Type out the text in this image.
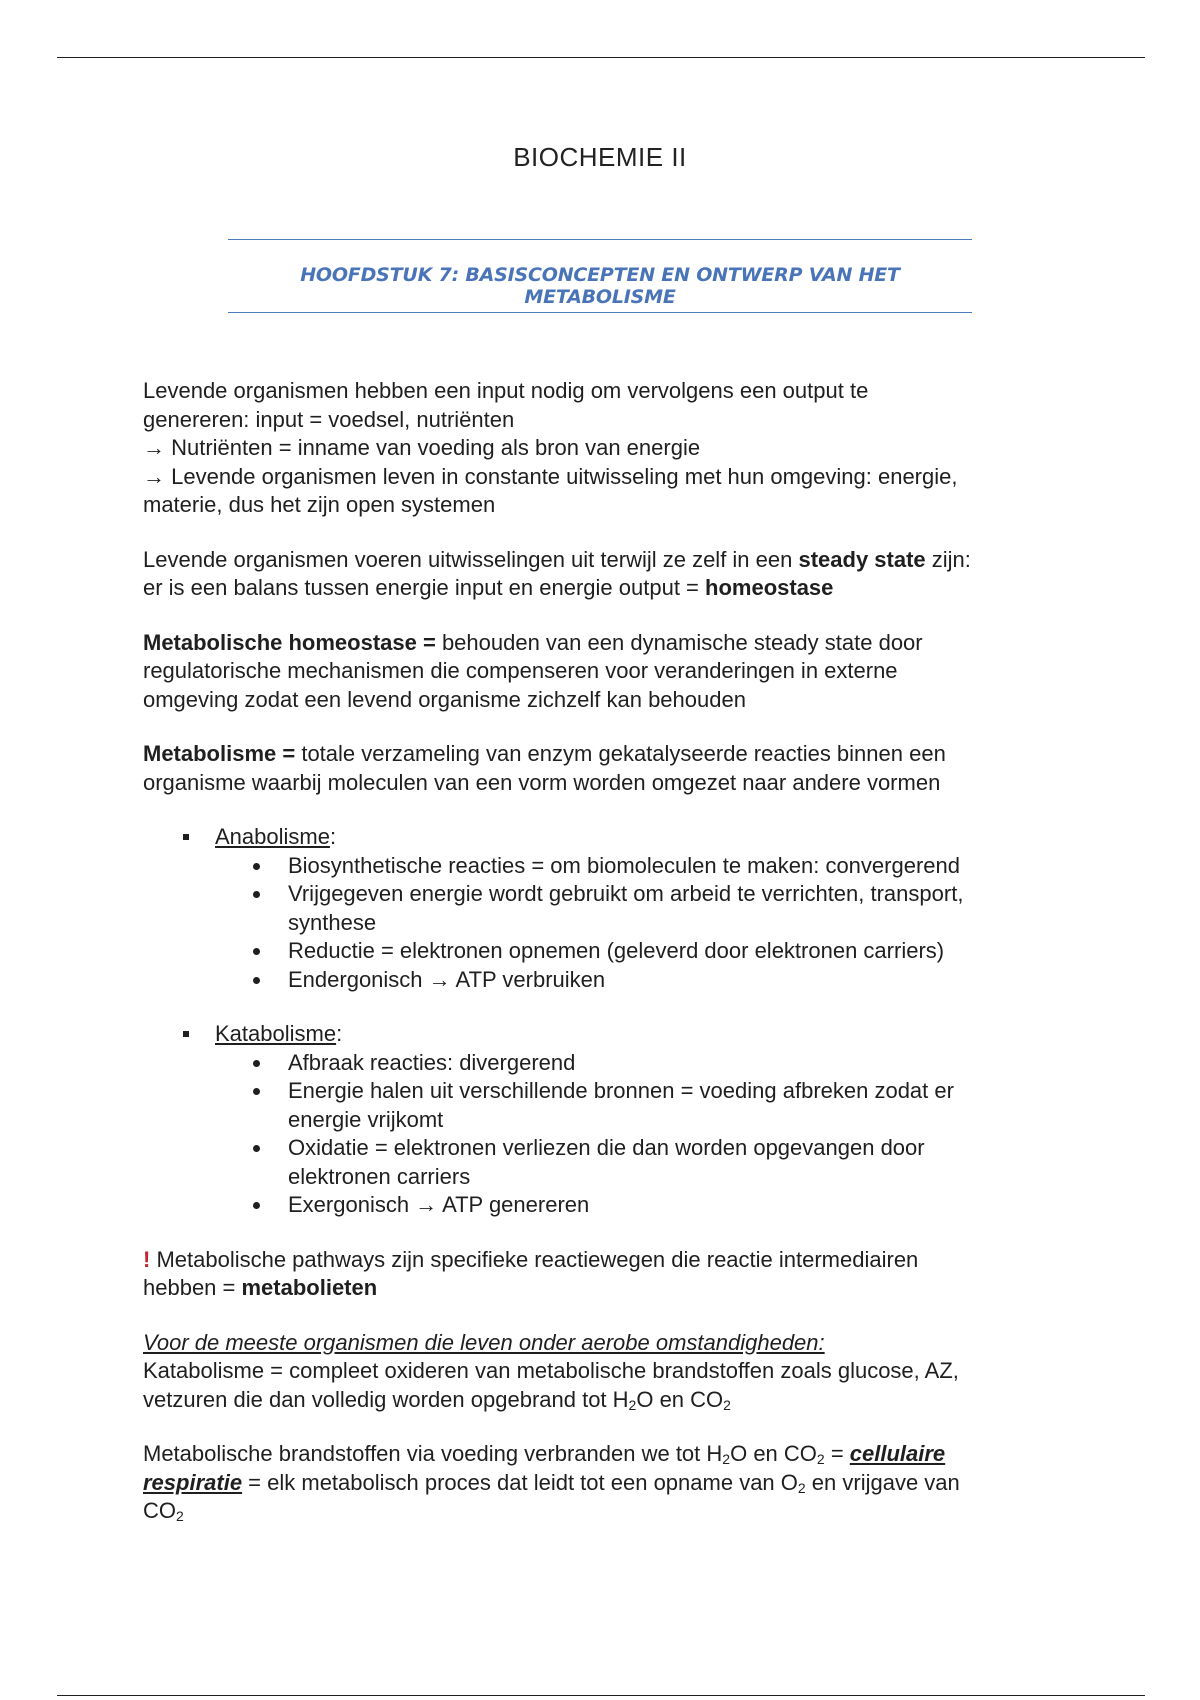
BIOCHEMIE II
HOOFDSTUK 7: BASISCONCEPTEN EN ONTWERP VAN HET METABOLISME

Levende organismen hebben een input nodig om vervolgens een output te

genereren: input = voedsel, nutriënten

→ Nutriënten = inname van voeding als bron van energie

→ Levende organismen leven in constante uitwisseling met hun omgeving: energie,

materie, dus het zijn open systemen

Levende organismen voeren uitwisselingen uit terwijl ze zelf in een steady state zijn:

er is een balans tussen energie input en energie output = homeostase

Metabolische homeostase = behouden van een dynamische steady state door

regulatorische mechanismen die compenseren voor veranderingen in externe

omgeving zodat een levend organisme zichzelf kan behouden

Metabolisme = totale verzameling van enzym gekatalyseerde reacties binnen een

organisme waarbij moleculen van een vorm worden omgezet naar andere vormen

Anabolisme:
Biosynthetische reacties = om biomoleculen te maken: convergerend
Vrijgegeven energie wordt gebruikt om arbeid te verrichten, transport,
synthese
Reductie = elektronen opnemen (geleverd door elektronen carriers)
Endergonisch → ATP verbruiken
Katabolisme:
Afbraak reacties: divergerend
Energie halen uit verschillende bronnen = voeding afbreken zodat er
energie vrijkomt
Oxidatie = elektronen verliezen die dan worden opgevangen door
elektronen carriers
Exergonisch → ATP genereren

! Metabolische pathways zijn specifieke reactiewegen die reactie intermediairen

hebben = metabolieten

Voor de meeste organismen die leven onder aerobe omstandigheden:

Katabolisme = compleet oxideren van metabolische brandstoffen zoals glucose, AZ,

vetzuren die dan volledig worden opgebrand tot $H_2O$ en $CO_2$

Metabolische brandstoffen via voeding verbranden we tot $H_2O$ en $CO_2$ = cellulaire

respiratie = elk metabolisch proces dat leidt tot een opname van $O_2$ en vrijgave van

$CO_2$
